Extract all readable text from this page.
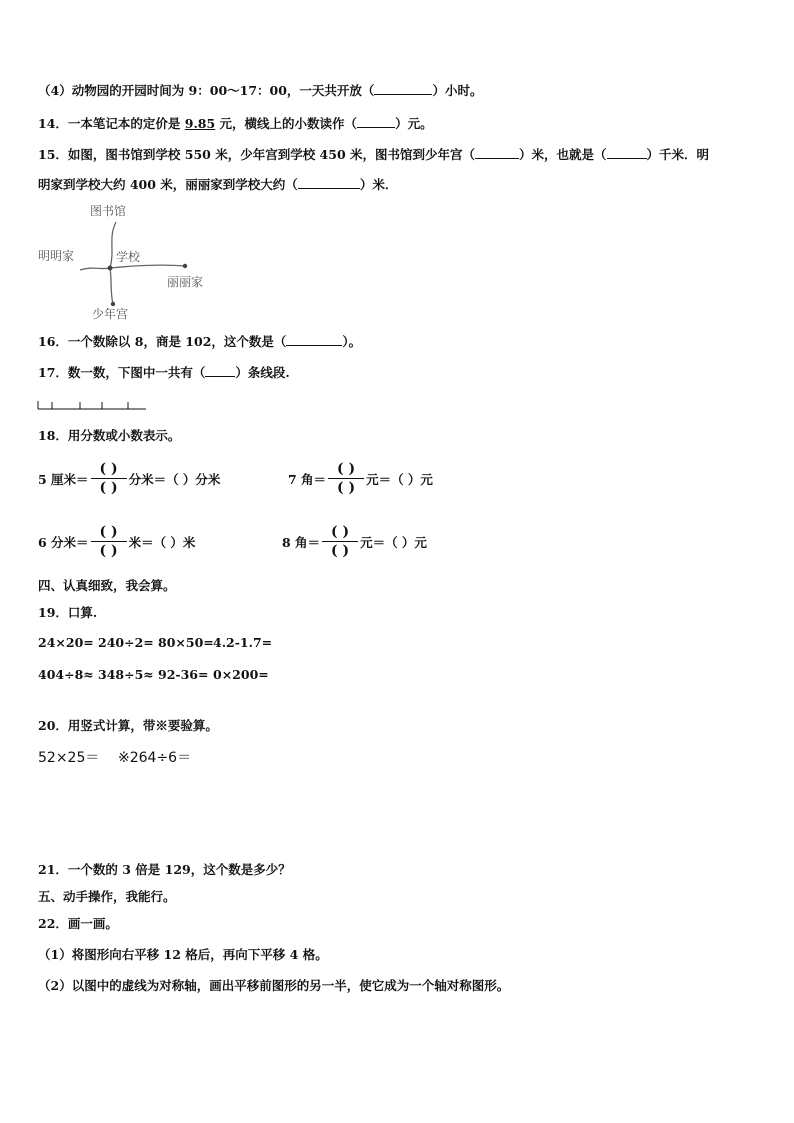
（4）动物园的开园时间为 9：00～17：00，一天共开放（	）小时。
14．一本笔记本的定价是 9.85 元，横线上的小数读作（	）元。
15．如图，图书馆到学校 550 米，少年宫到学校 450 米，图书馆到少年宫（	）米，也就是（	）千米．明
明家到学校大约 400 米，丽丽家到学校大约（	）米．
图书馆
明明家	学校
丽丽家
少年宫
16．一个数除以 8，商是 102，这个数是（	）。
17．数一数，下图中一共有（ ）条线段.
18．用分数或小数表示。
5 厘米＝ $\frac{( )}{( )}$ 分米＝（ ）分米	7 角＝ $\frac{( )}{( )}$ 元＝（ ）元
6 分米＝ $\frac{( )}{( )}$ 米＝（ ）米	8 角＝ $\frac{( )}{( )}$ 元＝（ ）元
四、认真细致，我会算。
19．口算.
24×20= 240÷2= 80×50=4.2-1.7=
404÷8≈ 348÷5≈ 92-36= 0×200=
20．用竖式计算，带※要验算。
52×25＝ ※264÷6＝
21．一个数的 3 倍是 129，这个数是多少？
五、动手操作，我能行。
22．画一画。
（1）将图形向右平移 12 格后，再向下平移 4 格。
（2）以图中的虚线为对称轴，画出平移前图形的另一半，使它成为一个轴对称图形。
